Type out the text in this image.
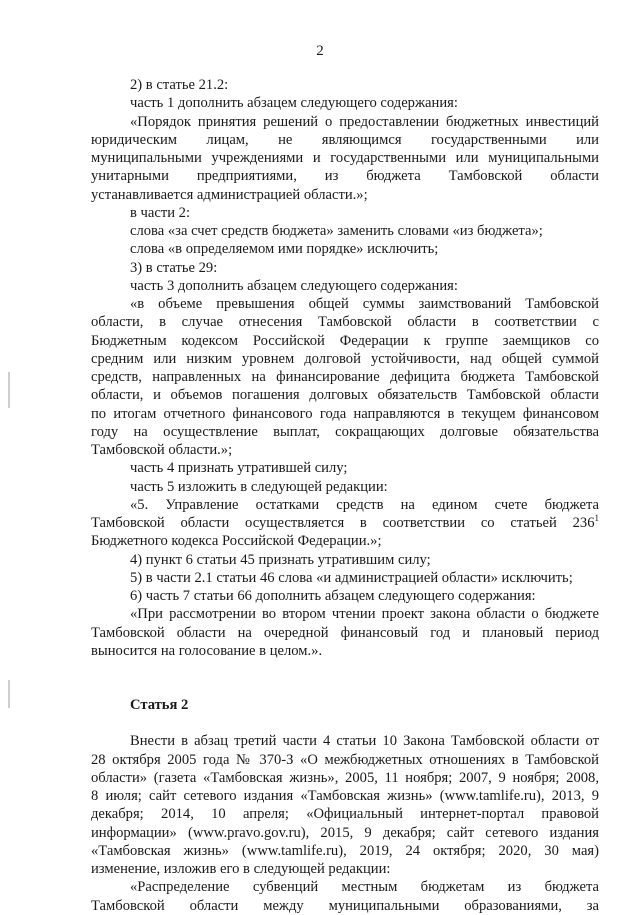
2
2) в статье 21.2:
часть 1 дополнить абзацем следующего содержания:
«Порядок принятия решений о предоставлении бюджетных инвестиций
юридическим лицам, не являющимся государственными или
муниципальными учреждениями и государственными или муниципальными
унитарными предприятиями, из бюджета Тамбовской области
устанавливается администрацией области.»;
в части 2:
слова «за счет средств бюджета» заменить словами «из бюджета»;
слова «в определяемом ими порядке» исключить;
3) в статье 29:
часть 3 дополнить абзацем следующего содержания:
«в объеме превышения общей суммы заимствований Тамбовской
области, в случае отнесения Тамбовской области в соответствии с
Бюджетным кодексом Российской Федерации к группе заемщиков со
средним или низким уровнем долговой устойчивости, над общей суммой
средств, направленных на финансирование дефицита бюджета Тамбовской
области, и объемов погашения долговых обязательств Тамбовской области
по итогам отчетного финансового года направляются в текущем финансовом
году на осуществление выплат, сокращающих долговые обязательства
Тамбовской области.»;
часть 4 признать утратившей силу;
часть 5 изложить в следующей редакции:
«5. Управление остатками средств на едином счете бюджета
Тамбовской области осуществляется в соответствии со статьей $236^1$
Бюджетного кодекса Российской Федерации.»;
4) пункт 6 статьи 45 признать утратившим силу;
5) в части 2.1 статьи 46 слова «и администрацией области» исключить;
6) часть 7 статьи 66 дополнить абзацем следующего содержания:
«При рассмотрении во втором чтении проект закона области о бюджете
Тамбовской области на очередной финансовый год и плановый период
выносится на голосование в целом.».
Статья 2
Внести в абзац третий части 4 статьи 10 Закона Тамбовской области от
28 октября 2005 года № 370-З «О межбюджетных отношениях в Тамбовской
области» (газета «Тамбовская жизнь», 2005, 11 ноября; 2007, 9 ноября; 2008,
8 июля; сайт сетевого издания «Тамбовская жизнь» (www.tamlife.ru), 2013, 9
декабря; 2014, 10 апреля; «Официальный интернет-портал правовой
информации» (www.pravo.gov.ru), 2015, 9 декабря; сайт сетевого издания
«Тамбовская жизнь» (www.tamlife.ru), 2019, 24 октября; 2020, 30 мая)
изменение, изложив его в следующей редакции:
«Распределение субвенций местным бюджетам из бюджета
Тамбовской области между муниципальными образованиями, за
